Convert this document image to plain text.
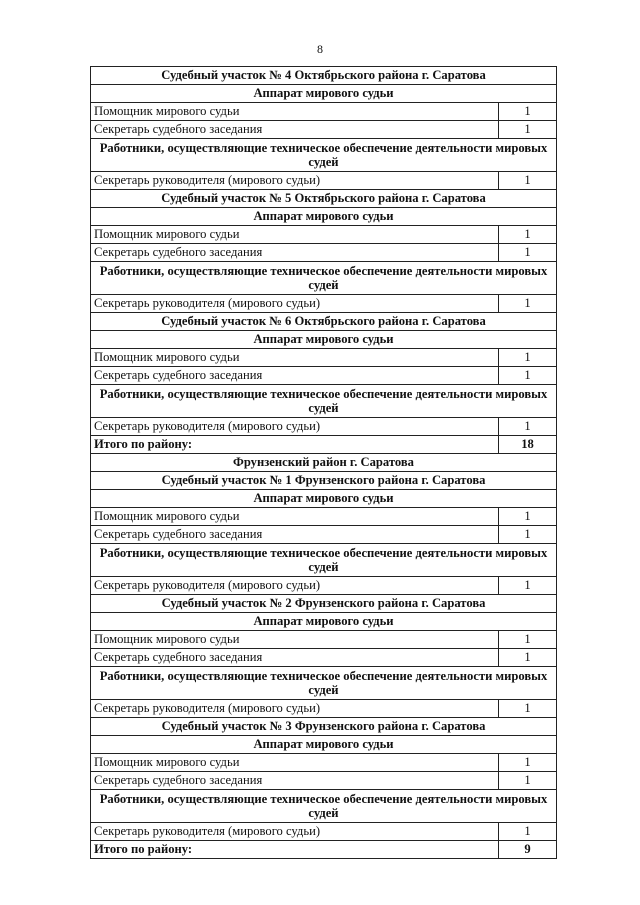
8
Судебный участок № 4 Октябрьского района г. Саратова	
Аппарат мирового судьи	
Помощник мирового судьи	1
Секретарь судебного заседания	1
Работники, осуществляющие техническое обеспечение деятельности мировых судей	
Секретарь руководителя (мирового судьи)	1
Судебный участок № 5 Октябрьского района г. Саратова	
Аппарат мирового судьи	
Помощник мирового судьи	1
Секретарь судебного заседания	1
Работники, осуществляющие техническое обеспечение деятельности мировых судей	
Секретарь руководителя (мирового судьи)	1
Судебный участок № 6 Октябрьского района г. Саратова	
Аппарат мирового судьи	
Помощник мирового судьи	1
Секретарь судебного заседания	1
Работники, осуществляющие техническое обеспечение деятельности мировых судей	
Секретарь руководителя (мирового судьи)	1
Итого по району:	18
Фрунзенский район г. Саратова	
Судебный участок № 1 Фрунзенского района г. Саратова	
Аппарат мирового судьи	
Помощник мирового судьи	1
Секретарь судебного заседания	1
Работники, осуществляющие техническое обеспечение деятельности мировых судей	
Секретарь руководителя (мирового судьи)	1
Судебный участок № 2 Фрунзенского района г. Саратова	
Аппарат мирового судьи	
Помощник мирового судьи	1
Секретарь судебного заседания	1
Работники, осуществляющие техническое обеспечение деятельности мировых судей	
Секретарь руководителя (мирового судьи)	1
Судебный участок № 3 Фрунзенского района г. Саратова	
Аппарат мирового судьи	
Помощник мирового судьи	1
Секретарь судебного заседания	1
Работники, осуществляющие техническое обеспечение деятельности мировых судей	
Секретарь руководителя (мирового судьи)	1
Итого по району:	9
